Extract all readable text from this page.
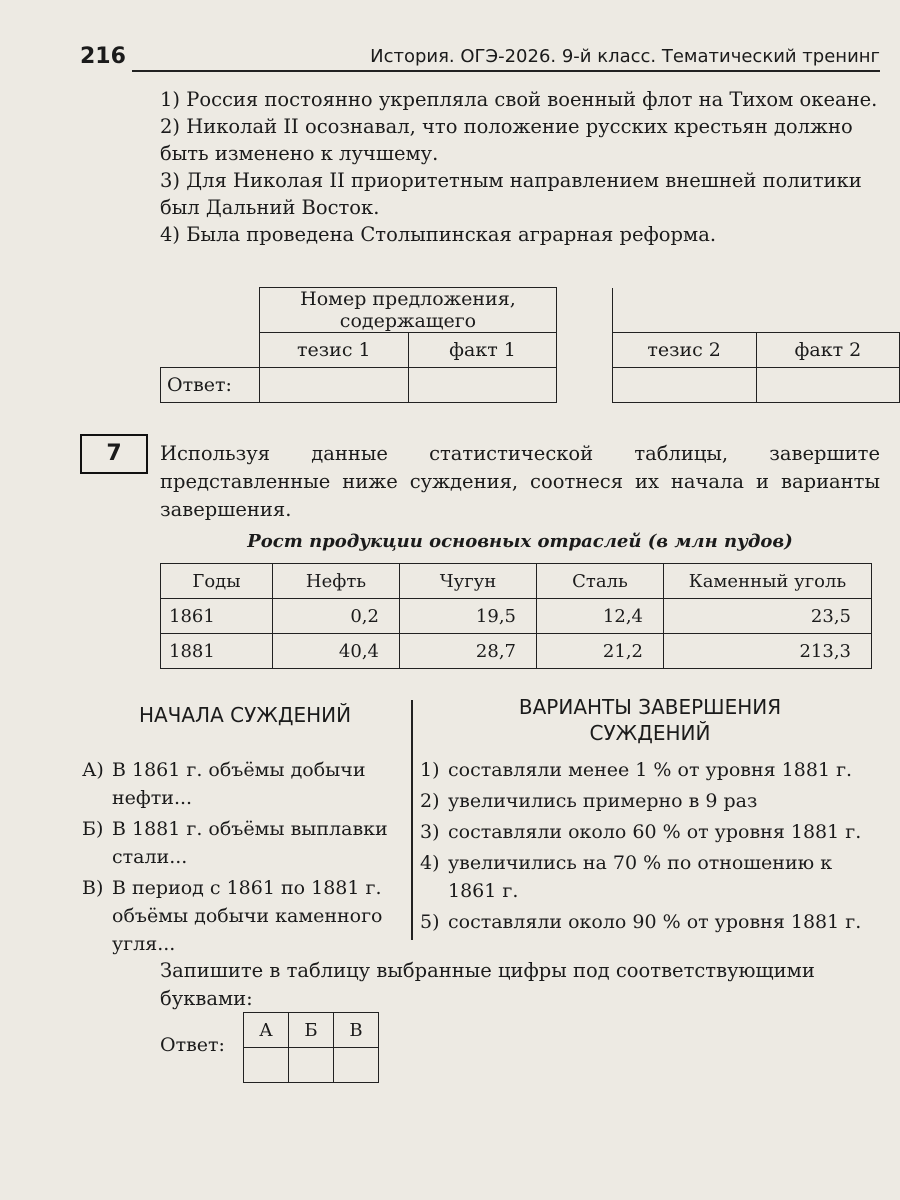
216	История. ОГЭ-2026. 9-й класс. Тематический тренинг

1) Россия постоянно укрепляла свой военный флот на Тихом океане.

2) Николай II осознавал, что положение русских крестьян должно быть изменено к лучшему.

3) Для Николая II приоритетным направлением внешней политики был Дальний Восток.

4) Была проведена Столыпинская аграрная реформа.

	Номер предложения, содержащего				
	тезис 1	факт 1		тезис 2	факт 2
Ответ:					
7	Используя данные статистической таблицы, завершите представленные ниже суждения, соотнеся их начала и варианты завершения.
Рост продукции основных отраслей (в млн пудов)
Годы	Нефть	Чугун	Сталь	Каменный уголь
1861	0,2	19,5	12,4	23,5
1881	40,4	28,7	21,2	213,3
НАЧАЛА СУЖДЕНИЙ	ВАРИАНТЫ ЗАВЕРШЕНИЯ
СУЖДЕНИЙ
А) В 1861 г. объёмы добычи нефти...
Б) В 1881 г. объёмы выплавки стали...
В) В период с 1861 по 1881 г. объёмы добычи каменного угля...
1) составляли менее 1 % от уровня 1881 г.
2) увеличились примерно в 9 раз
3) составляли около 60 % от уровня 1881 г.
4) увеличились на 70 % по отношению к 1861 г.
5) составляли около 90 % от уровня 1881 г.
Запишите в таблицу выбранные цифры под соответствующими буквами:
Ответ:
А	Б	В
